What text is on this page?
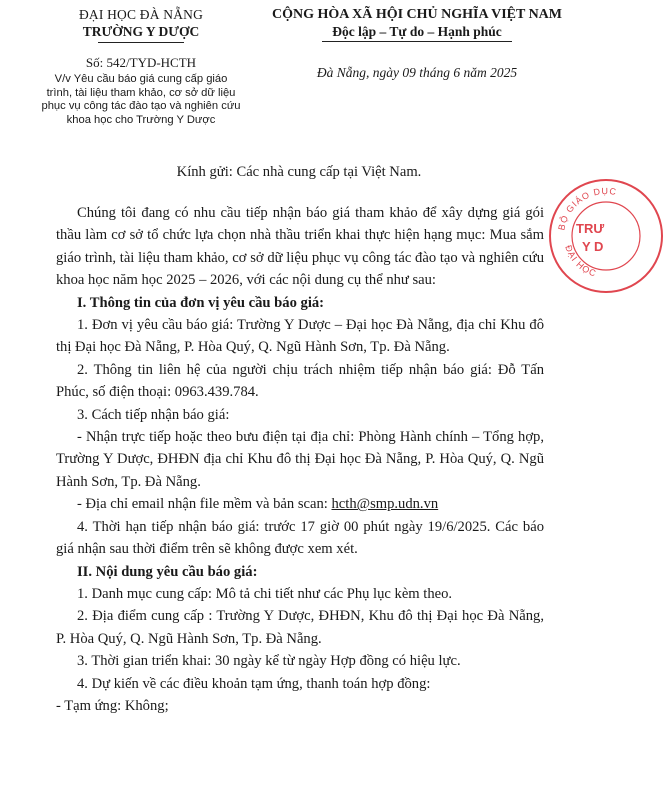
ĐẠI HỌC ĐÀ NẴNG
TRƯỜNG Y DƯỢC
Số: 542/TYD-HCTH
V/v Yêu cầu báo giá cung cấp giáo
trình, tài liệu tham khảo, cơ sở dữ liệu
phục vụ công tác đào tạo và nghiên cứu
khoa học cho Trường Y Dược
CỘNG HÒA XÃ HỘI CHỦ NGHĨA VIỆT NAM
Độc lập – Tự do – Hạnh phúc
Đà Nẵng, ngày 09 tháng 6 năm 2025
Kính gửi: Các nhà cung cấp tại Việt Nam.

Chúng tôi đang có nhu cầu tiếp nhận báo giá tham khảo để xây dựng giá gói thầu làm cơ sở tổ chức lựa chọn nhà thầu triển khai thực hiện hạng mục: Mua sắm giáo trình, tài liệu tham khảo, cơ sở dữ liệu phục vụ công tác đào tạo và nghiên cứu khoa học năm học 2025 – 2026, với các nội dung cụ thể như sau:

I. Thông tin của đơn vị yêu cầu báo giá:

1. Đơn vị yêu cầu báo giá: Trường Y Dược – Đại học Đà Nẵng, địa chỉ Khu đô thị Đại học Đà Nẵng, P. Hòa Quý, Q. Ngũ Hành Sơn, Tp. Đà Nẵng.

2. Thông tin liên hệ của người chịu trách nhiệm tiếp nhận báo giá: Đỗ Tấn Phúc, số điện thoại: 0963.439.784.

3. Cách tiếp nhận báo giá:

- Nhận trực tiếp hoặc theo bưu điện tại địa chỉ: Phòng Hành chính – Tổng hợp, Trường Y Dược, ĐHĐN địa chỉ Khu đô thị Đại học Đà Nẵng, P. Hòa Quý, Q. Ngũ Hành Sơn, Tp. Đà Nẵng.

- Địa chỉ email nhận file mềm và bản scan: hcth@smp.udn.vn

4. Thời hạn tiếp nhận báo giá: trước 17 giờ 00 phút ngày 19/6/2025. Các báo giá nhận sau thời điểm trên sẽ không được xem xét.

II. Nội dung yêu cầu báo giá:

1. Danh mục cung cấp: Mô tả chi tiết như các Phụ lục kèm theo.

2. Địa điểm cung cấp : Trường Y Dược, ĐHĐN, Khu đô thị Đại học Đà Nẵng, P. Hòa Quý, Q. Ngũ Hành Sơn, Tp. Đà Nẵng.

3. Thời gian triển khai: 30 ngày kể từ ngày Hợp đồng có hiệu lực.

4. Dự kiến về các điều khoản tạm ứng, thanh toán hợp đồng:

- Tạm ứng: Không;

BỘ GIÁO DỤC
ĐẠI HỌC
TRƯ
Y D
